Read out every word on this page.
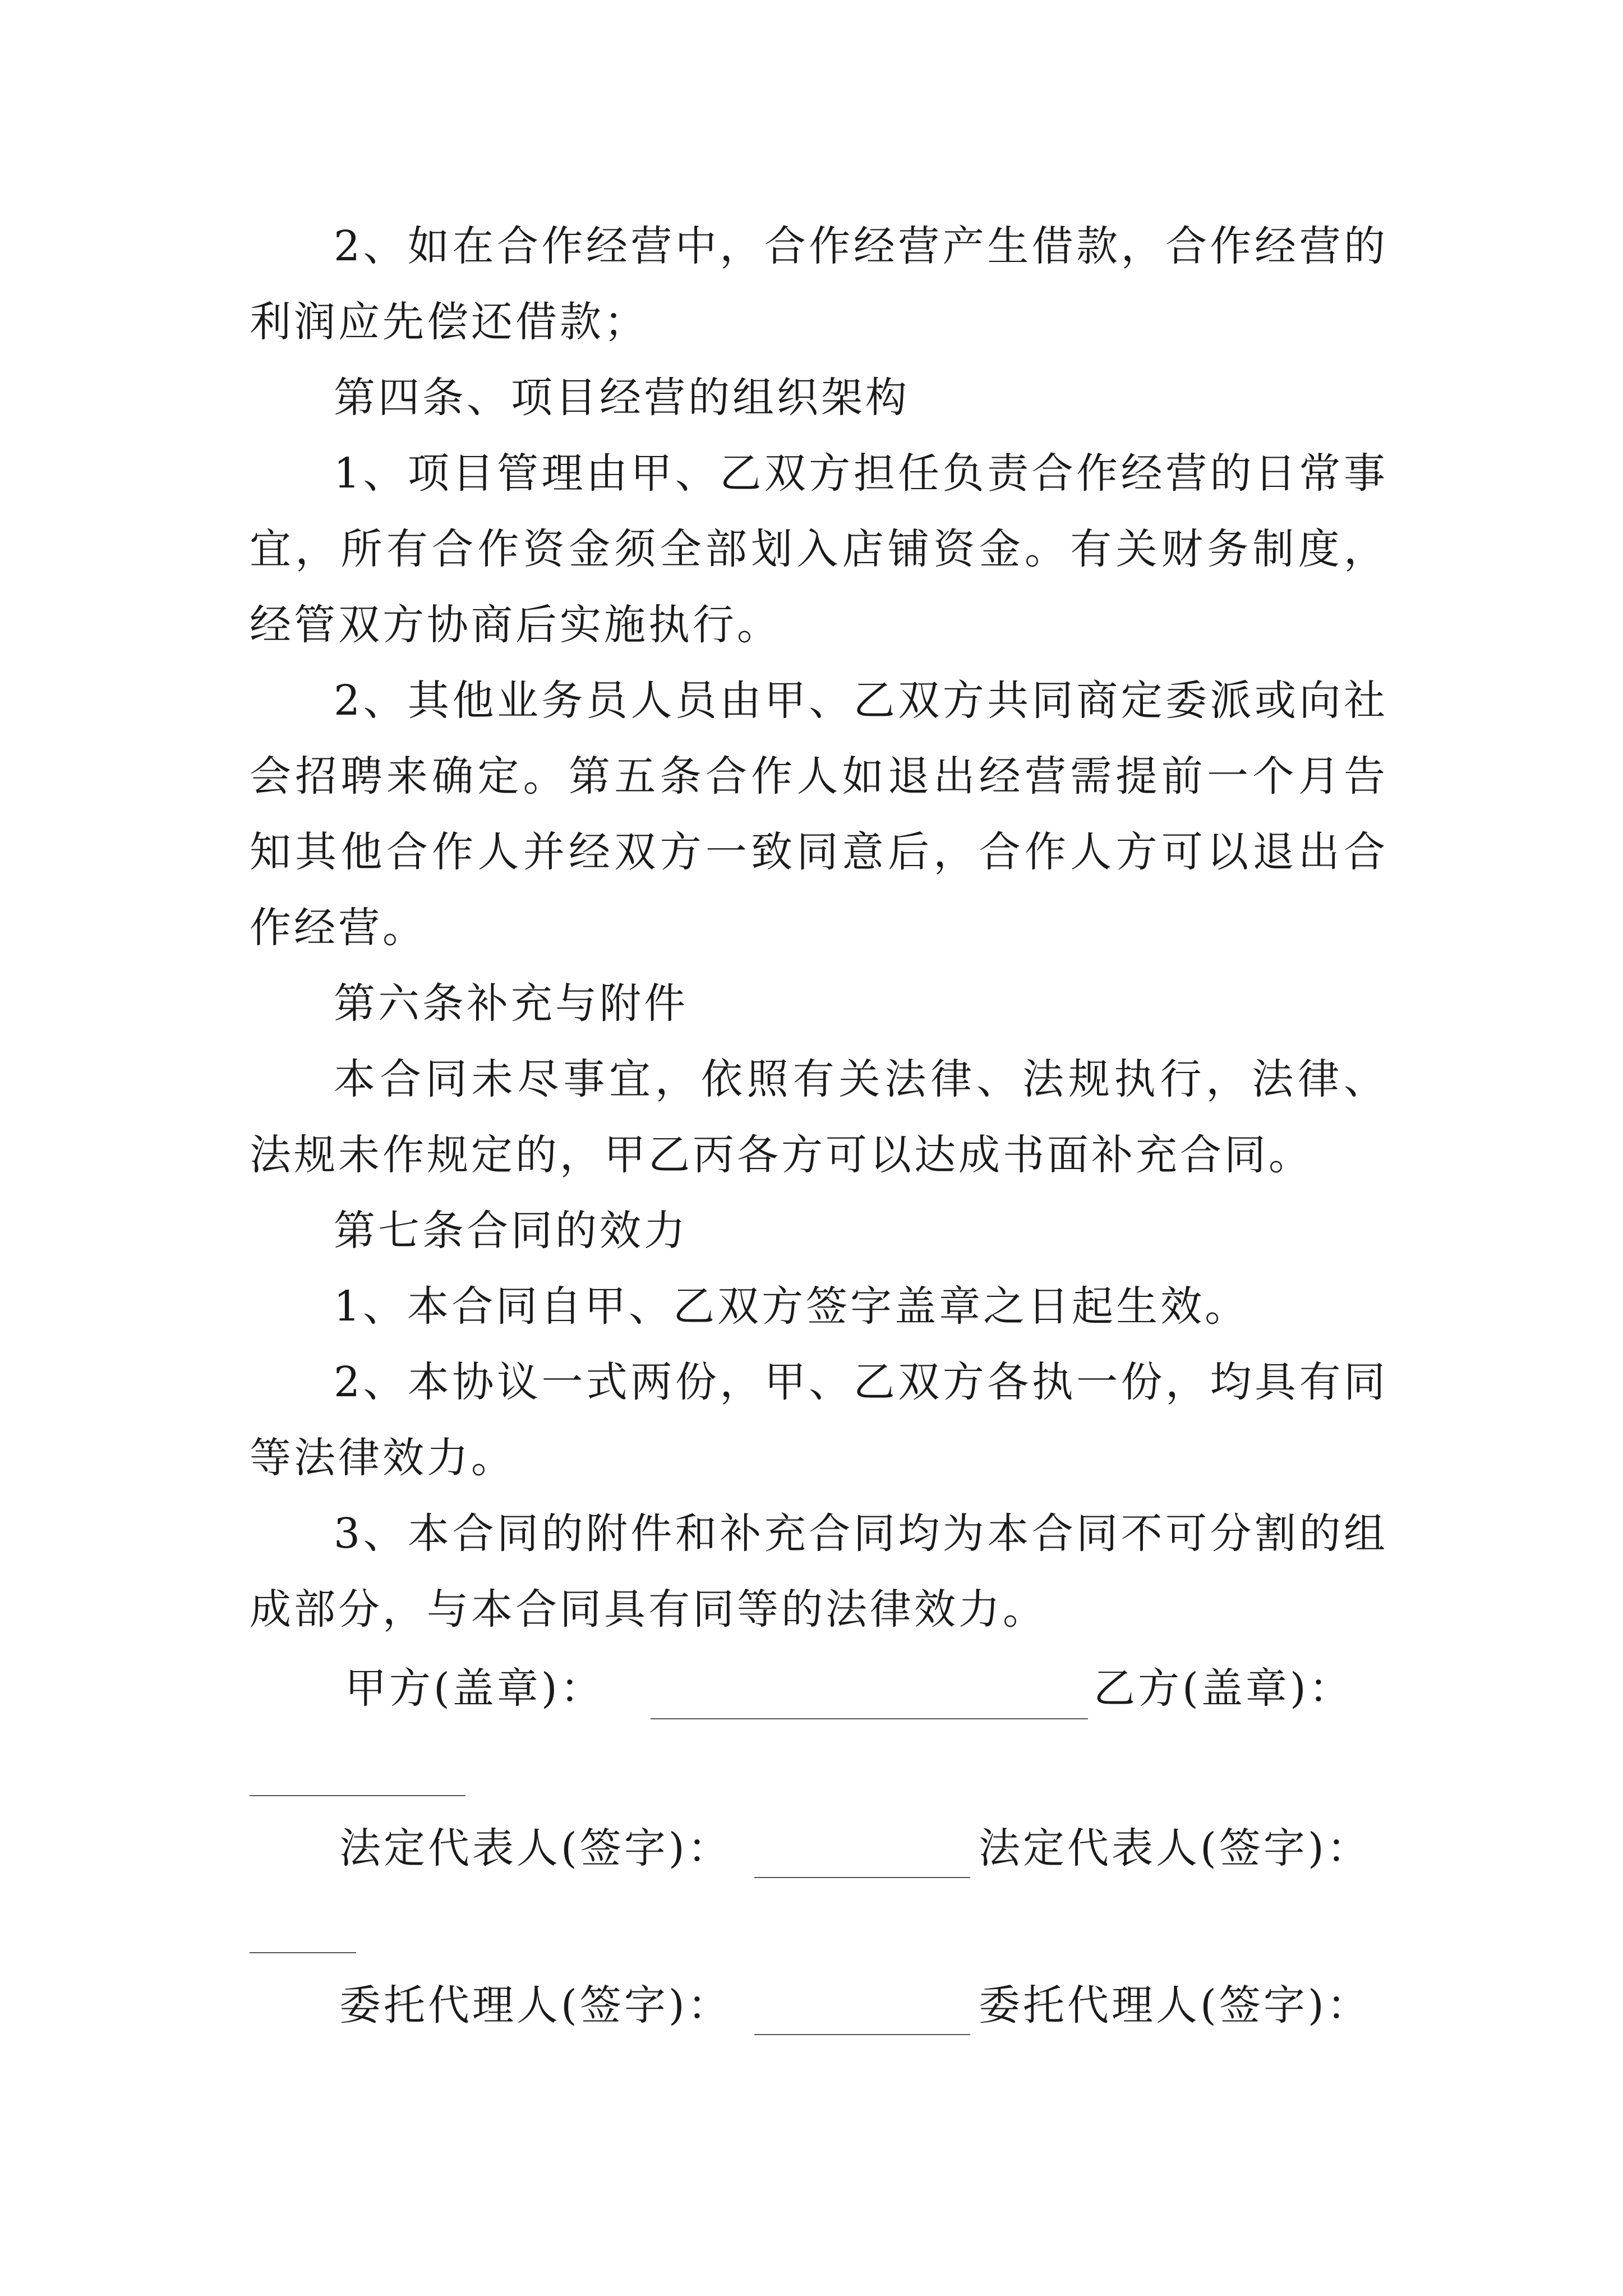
2、如在合作经营中，合作经营产生借款，合作经营的利润应先偿还借款；

第四条、项目经营的组织架构

1、项目管理由甲、乙双方担任负责合作经营的日常事宜，所有合作资金须全部划入店铺资金。有关财务制度，经管双方协商后实施执行。

2、其他业务员人员由甲、乙双方共同商定委派或向社会招聘来确定。第五条合作人如退出经营需提前一个月告知其他合作人并经双方一致同意后，合作人方可以退出合作经营。

第六条补充与附件

本合同未尽事宜，依照有关法律、法规执行，法律、法规未作规定的，甲乙丙各方可以达成书面补充合同。

第七条合同的效力

1、本合同自甲、乙双方签字盖章之日起生效。

2、本协议一式两份，甲、乙双方各执一份，均具有同等法律效力。

3、本合同的附件和补充合同均为本合同不可分割的组成部分，与本合同具有同等的法律效力。

甲方(盖章)：	乙方(盖章)：
法定代表人(签字)：	法定代表人(签字)：
委托代理人(签字)：	委托代理人(签字)：
